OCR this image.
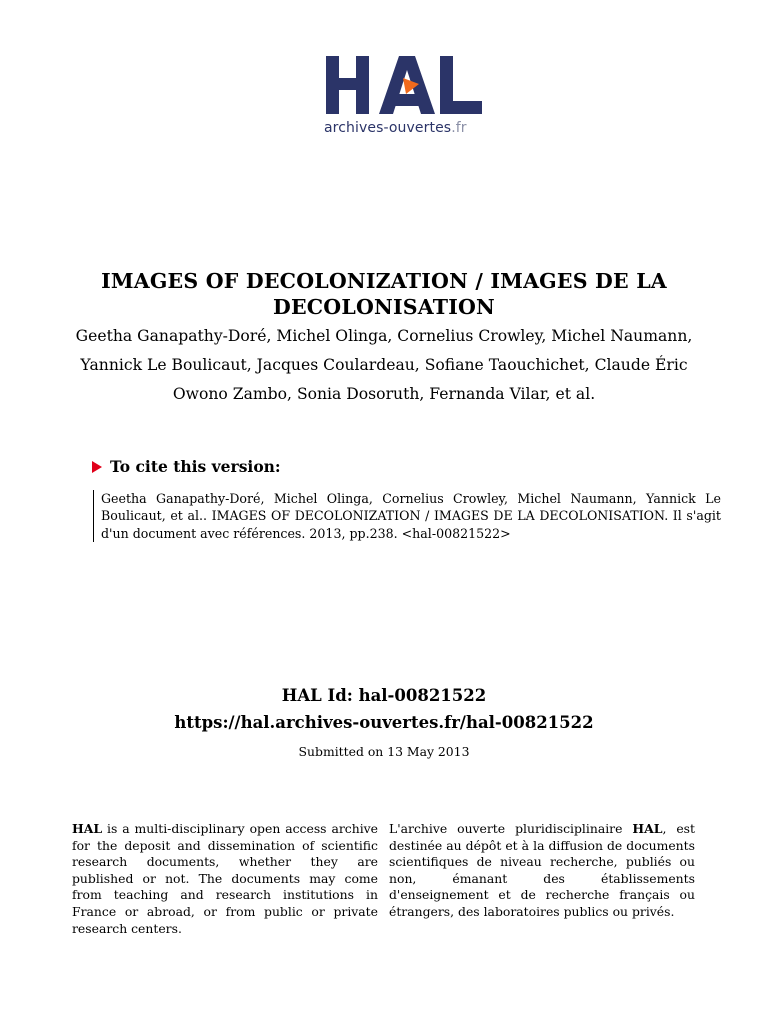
archives-ouvertes.fr
IMAGES OF DECOLONIZATION / IMAGES DE LA DECOLONISATION
Geetha Ganapathy-Doré, Michel Olinga, Cornelius Crowley, Michel Naumann, Yannick Le Boulicaut, Jacques Coulardeau, Sofiane Taouchichet, Claude Éric Owono Zambo, Sonia Dosoruth, Fernanda Vilar, et al.
To cite this version:
Geetha Ganapathy-Doré, Michel Olinga, Cornelius Crowley, Michel Naumann, Yannick Le Boulicaut, et al.. IMAGES OF DECOLONIZATION / IMAGES DE LA DECOLONISATION. Il s'agit d'un document avec références. 2013, pp.238. <hal-00821522>
HAL Id: hal-00821522
https://hal.archives-ouvertes.fr/hal-00821522
Submitted on 13 May 2013
HAL is a multi-disciplinary open access archive for the deposit and dissemination of scientific research documents, whether they are published or not. The documents may come from teaching and research institutions in France or abroad, or from public or private research centers.
L'archive ouverte pluridisciplinaire HAL, est destinée au dépôt et à la diffusion de documents scientifiques de niveau recherche, publiés ou non, émanant des établissements d'enseignement et de recherche français ou étrangers, des laboratoires publics ou privés.
